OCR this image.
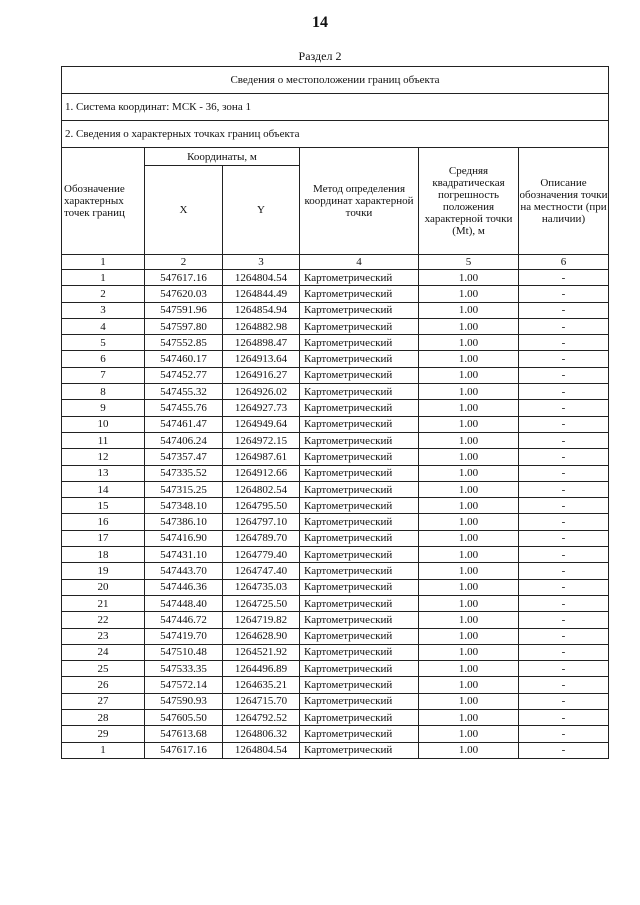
14
Раздел 2
Сведения о местоположении границ объекта					
1. Система координат: МСК - 36, зона 1					
2. Сведения о характерных точках границ объекта					
Обозначение характерных точек границ	Координаты, м		Метод определения координат характерной точки	Средняя квадратическая погрешность положения характерной точки (Mt), м	Описание обозначения точки на местности (при наличии)
	X	Y			
1	2	3	4	5	6
1	547617.16	1264804.54	Картометрический	1.00	-
2	547620.03	1264844.49	Картометрический	1.00	-
3	547591.96	1264854.94	Картометрический	1.00	-
4	547597.80	1264882.98	Картометрический	1.00	-
5	547552.85	1264898.47	Картометрический	1.00	-
6	547460.17	1264913.64	Картометрический	1.00	-
7	547452.77	1264916.27	Картометрический	1.00	-
8	547455.32	1264926.02	Картометрический	1.00	-
9	547455.76	1264927.73	Картометрический	1.00	-
10	547461.47	1264949.64	Картометрический	1.00	-
11	547406.24	1264972.15	Картометрический	1.00	-
12	547357.47	1264987.61	Картометрический	1.00	-
13	547335.52	1264912.66	Картометрический	1.00	-
14	547315.25	1264802.54	Картометрический	1.00	-
15	547348.10	1264795.50	Картометрический	1.00	-
16	547386.10	1264797.10	Картометрический	1.00	-
17	547416.90	1264789.70	Картометрический	1.00	-
18	547431.10	1264779.40	Картометрический	1.00	-
19	547443.70	1264747.40	Картометрический	1.00	-
20	547446.36	1264735.03	Картометрический	1.00	-
21	547448.40	1264725.50	Картометрический	1.00	-
22	547446.72	1264719.82	Картометрический	1.00	-
23	547419.70	1264628.90	Картометрический	1.00	-
24	547510.48	1264521.92	Картометрический	1.00	-
25	547533.35	1264496.89	Картометрический	1.00	-
26	547572.14	1264635.21	Картометрический	1.00	-
27	547590.93	1264715.70	Картометрический	1.00	-
28	547605.50	1264792.52	Картометрический	1.00	-
29	547613.68	1264806.32	Картометрический	1.00	-
1	547617.16	1264804.54	Картометрический	1.00	-
